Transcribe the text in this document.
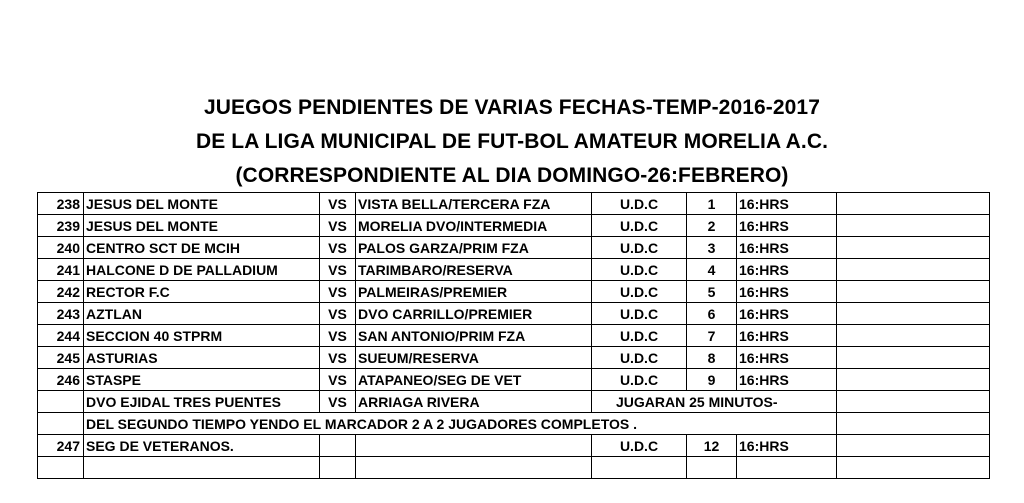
JUEGOS PENDIENTES DE VARIAS FECHAS-TEMP-2016-2017
DE LA LIGA MUNICIPAL DE FUT-BOL AMATEUR MORELIA A.C.
(CORRESPONDIENTE AL DIA DOMINGO-26:FEBRERO)
238	JESUS DEL MONTE	VS	VISTA BELLA/TERCERA FZA	U.D.C	1	16:HRS	
239	JESUS DEL MONTE	VS	MORELIA DVO/INTERMEDIA	U.D.C	2	16:HRS	
240	CENTRO SCT DE MCIH	VS	PALOS GARZA/PRIM FZA	U.D.C	3	16:HRS	
241	HALCONE D DE PALLADIUM	VS	TARIMBARO/RESERVA	U.D.C	4	16:HRS	
242	RECTOR F.C	VS	PALMEIRAS/PREMIER	U.D.C	5	16:HRS	
243	AZTLAN	VS	DVO CARRILLO/PREMIER	U.D.C	6	16:HRS	
244	SECCION 40 STPRM	VS	SAN ANTONIO/PRIM FZA	U.D.C	7	16:HRS	
245	ASTURIAS	VS	SUEUM/RESERVA	U.D.C	8	16:HRS	
246	STASPE	VS	ATAPANEO/SEG DE VET	U.D.C	9	16:HRS	
	DVO EJIDAL TRES PUENTES	VS	ARRIAGA RIVERA	JUGARAN 25 MINUTOS-			
	DEL SEGUNDO TIEMPO YENDO EL MARCADOR 2 A 2 JUGADORES COMPLETOS .						
247	SEG DE VETERANOS.			U.D.C	12	16:HRS	
